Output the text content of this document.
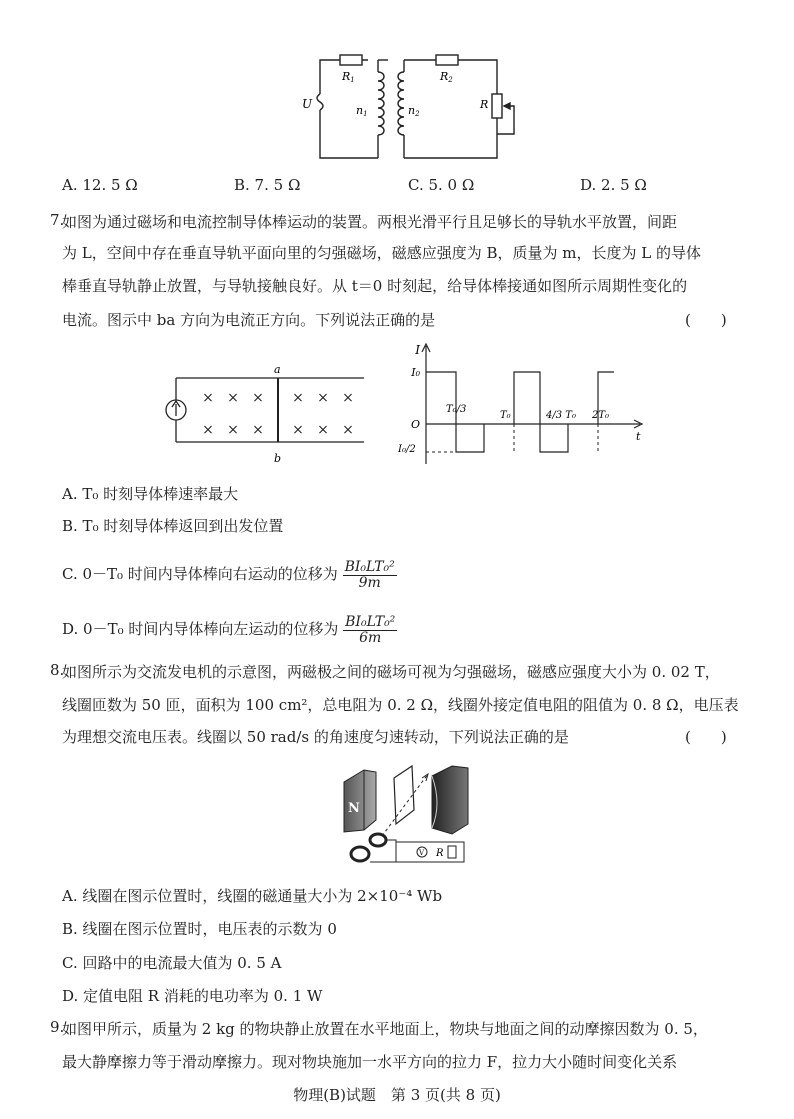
R1	R2
U	n1	n2
R
A. 12. 5 Ω	B. 7. 5 Ω	C. 5. 0 Ω	D. 2. 5 Ω
7.
如图为通过磁场和电流控制导体棒运动的装置。两根光滑平行且足够长的导轨水平放置，间距
为 L，空间中存在垂直导轨平面向里的匀强磁场，磁感应强度为 B，质量为 m，长度为 L 的导体
棒垂直导轨静止放置，与导轨接触良好。从 t＝0 时刻起，给导体棒接通如图所示周期性变化的
电流。图示中 ba 方向为电流正方向。下列说法正确的是	(　　)
× × × × × ×
× × × × × ×
a
b
I
I₀
O
t
T₀/3
T₀	4/3 T₀ 2T₀
I₀/2
A. T₀ 时刻导体棒速率最大
B. T₀ 时刻导体棒返回到出发位置
C. 0－T₀ 时间内导体棒向右运动的位移为 $\frac{\text{BI₀LT₀²}}{9m}$
D. 0－T₀ 时间内导体棒向左运动的位移为 $\frac{\text{BI₀LT₀²}}{6m}$
8.
如图所示为交流发电机的示意图，两磁极之间的磁场可视为匀强磁场，磁感应强度大小为 0. 02 T，
线圈匝数为 50 匝，面积为 100 cm²，总电阻为 0. 2 Ω，线圈外接定值电阻的阻值为 0. 8 Ω，电压表
为理想交流电压表。线圈以 50 rad/s 的角速度匀速转动，下列说法正确的是	(　　)
N
V R
A. 线圈在图示位置时，线圈的磁通量大小为 2×10⁻⁴ Wb
B. 线圈在图示位置时，电压表的示数为 0
C. 回路中的电流最大值为 0. 5 A
D. 定值电阻 R 消耗的电功率为 0. 1 W
9.
如图甲所示，质量为 2 kg 的物块静止放置在水平地面上，物块与地面之间的动摩擦因数为 0. 5，
最大静摩擦力等于滑动摩擦力。现对物块施加一水平方向的拉力 F，拉力大小随时间变化关系
物理(B)试题　第 3 页(共 8 页)
